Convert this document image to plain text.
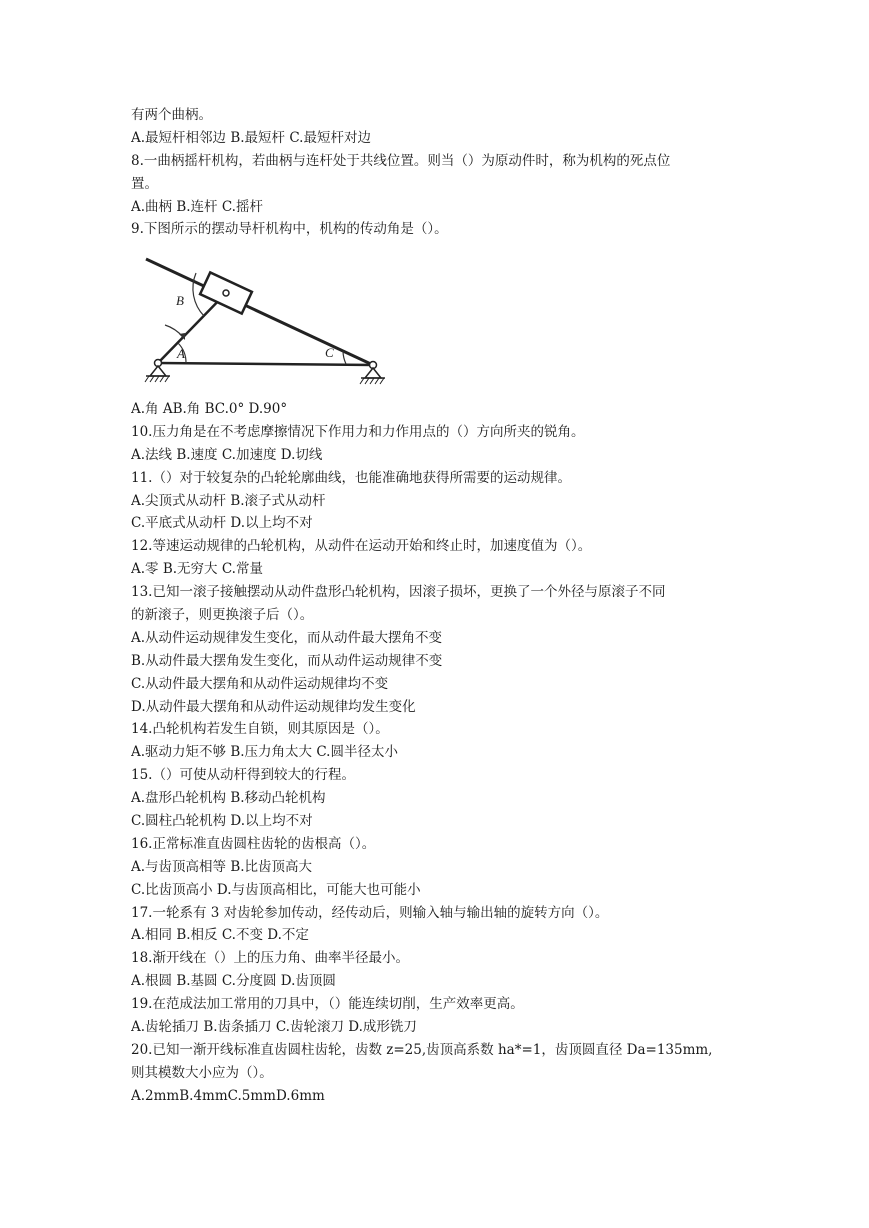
有两个曲柄。
A.最短杆相邻边 B.最短杆 C.最短杆对边
8.一曲柄摇杆机构，若曲柄与连杆处于共线位置。则当（）为原动件时，称为机构的死点位
置。
A.曲柄 B.连杆 C.摇杆
9.下图所示的摆动导杆机构中，机构的传动角是（）。
B
A	C
A.角 AB.角 BC.0° D.90°
10.压力角是在不考虑摩擦情况下作用力和力作用点的（）方向所夹的锐角。
A.法线 B.速度 C.加速度 D.切线
11.（）对于较复杂的凸轮轮廓曲线，也能准确地获得所需要的运动规律。
A.尖顶式从动杆 B.滚子式从动杆
C.平底式从动杆 D.以上均不对
12.等速运动规律的凸轮机构，从动件在运动开始和终止时，加速度值为（）。
A.零 B.无穷大 C.常量
13.已知一滚子接触摆动从动件盘形凸轮机构，因滚子损坏，更换了一个外径与原滚子不同
的新滚子，则更换滚子后（）。
A.从动件运动规律发生变化，而从动件最大摆角不变
B.从动件最大摆角发生变化，而从动件运动规律不变
C.从动件最大摆角和从动件运动规律均不变
D.从动件最大摆角和从动件运动规律均发生变化
14.凸轮机构若发生自锁，则其原因是（）。
A.驱动力矩不够 B.压力角太大 C.圆半径太小
15.（）可使从动杆得到较大的行程。
A.盘形凸轮机构 B.移动凸轮机构
C.圆柱凸轮机构 D.以上均不对
16.正常标准直齿圆柱齿轮的齿根高（）。
A.与齿顶高相等 B.比齿顶高大
C.比齿顶高小 D.与齿顶高相比，可能大也可能小
17.一轮系有 3 对齿轮参加传动，经传动后，则输入轴与输出轴的旋转方向（）。
A.相同 B.相反 C.不变 D.不定
18.渐开线在（）上的压力角、曲率半径最小。
A.根圆 B.基圆 C.分度圆 D.齿顶圆
19.在范成法加工常用的刀具中，（）能连续切削，生产效率更高。
A.齿轮插刀 B.齿条插刀 C.齿轮滚刀 D.成形铣刀
20.已知一渐开线标准直齿圆柱齿轮，齿数 z=25,齿顶高系数 ha*=1，齿顶圆直径 Da=135mm,
则其模数大小应为（）。
A.2mmB.4mmC.5mmD.6mm
